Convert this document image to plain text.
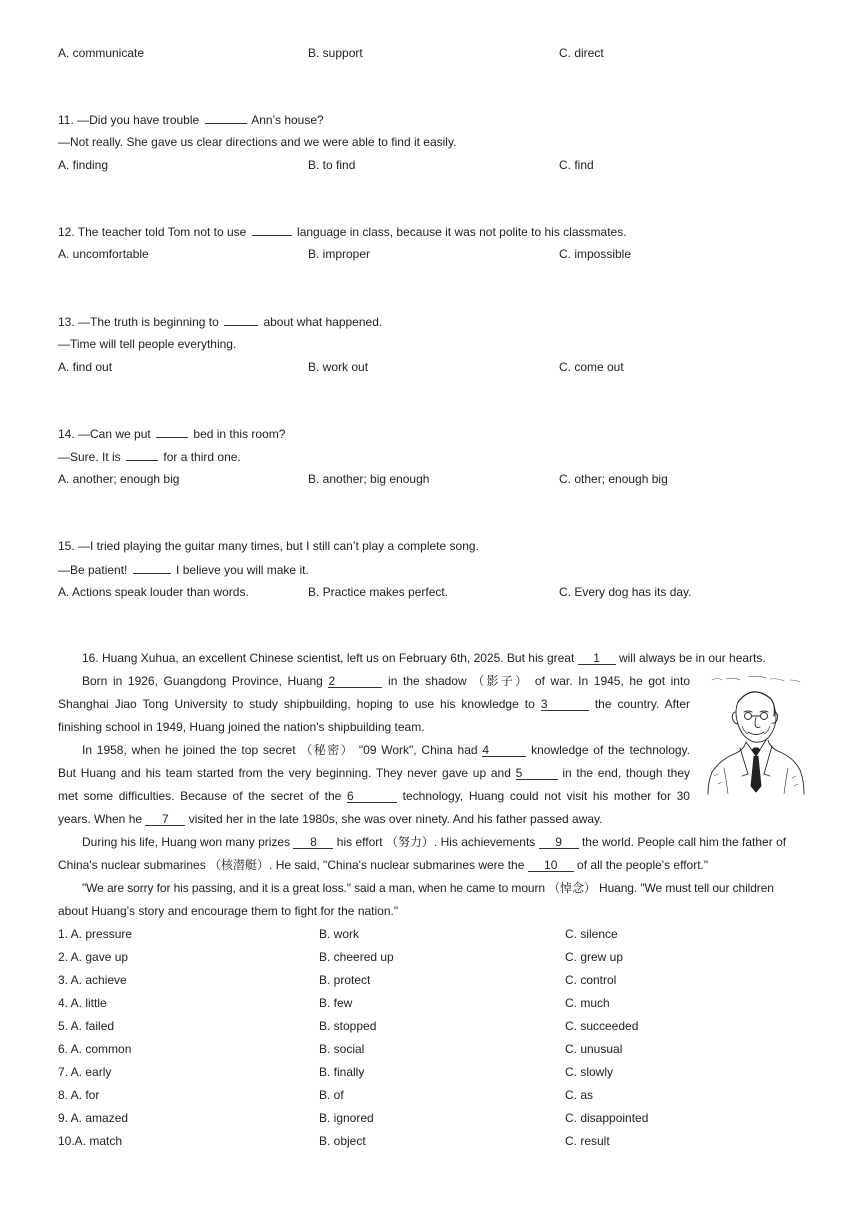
A. communicate	B. support	C. direct
11. —Did you have trouble	Ann’s house?
—Not really. She gave us clear directions and we were able to find it easily.
A. finding	B. to find	C. find
12. The teacher told Tom not to use	language in class, because it was not polite to his classmates.
A. uncomfortable	B. improper	C. impossible
13. —The truth is beginning to	about what happened.
—Time will tell people everything.
A. find out	B. work out	C. come out
14. —Can we put	bed in this room?
—Sure. It is	for a third one.
A. another; enough big	B. another; big enough	C. other; enough big
15. —I tried playing the guitar many times, but I still can’t play a complete song.
—Be patient!	I believe you will make it.
A. Actions speak louder than words.	B. Practice makes perfect.	C. Every dog has its day.
16. Huang Xuhua, an excellent Chinese scientist, left us on February 6th, 2025. But his great 1 will always be in our hearts.
Born in 1926, Guangdong Province, Huang 2	in the shadow （影子） of war. In 1945, he got into
Shanghai Jiao Tong University to study shipbuilding, hoping to use his knowledge to 3	the country. After
finishing school in 1949, Huang joined the nation's shipbuilding team.
In 1958, when he joined the top secret （秘密） "09 Work", China had 4	knowledge of the technology.
But Huang and his team started from the very beginning. They never gave up and 5	in the end, though they
met some difficulties. Because of the secret of the 6	technology, Huang could not visit his mother for 30
years. When he 7 visited her in the late 1980s, she was over ninety. And his father passed away.
During his life, Huang won many prizes 8 his effort （努力）. His achievements 9 the world. People call him the father of
China's nuclear submarines （核潜艇）. He said, "China's nuclear submarines were the 10 of all the people's effort."
"We are sorry for his passing, and it is a great loss." said a man, when he came to mourn （悼念） Huang. "We must tell our children
about Huang's story and encourage them to fight for the nation."
1. A. pressure	B. work	C. silence
2. A. gave up	B. cheered up	C. grew up
3. A. achieve	B. protect	C. control
4. A. little	B. few	C. much
5. A. failed	B. stopped	C. succeeded
6. A. common	B. social	C. unusual
7. A. early	B. finally	C. slowly
8. A. for	B. of	C. as
9. A. amazed	B. ignored	C. disappointed
10.A. match	B. object	C. result
